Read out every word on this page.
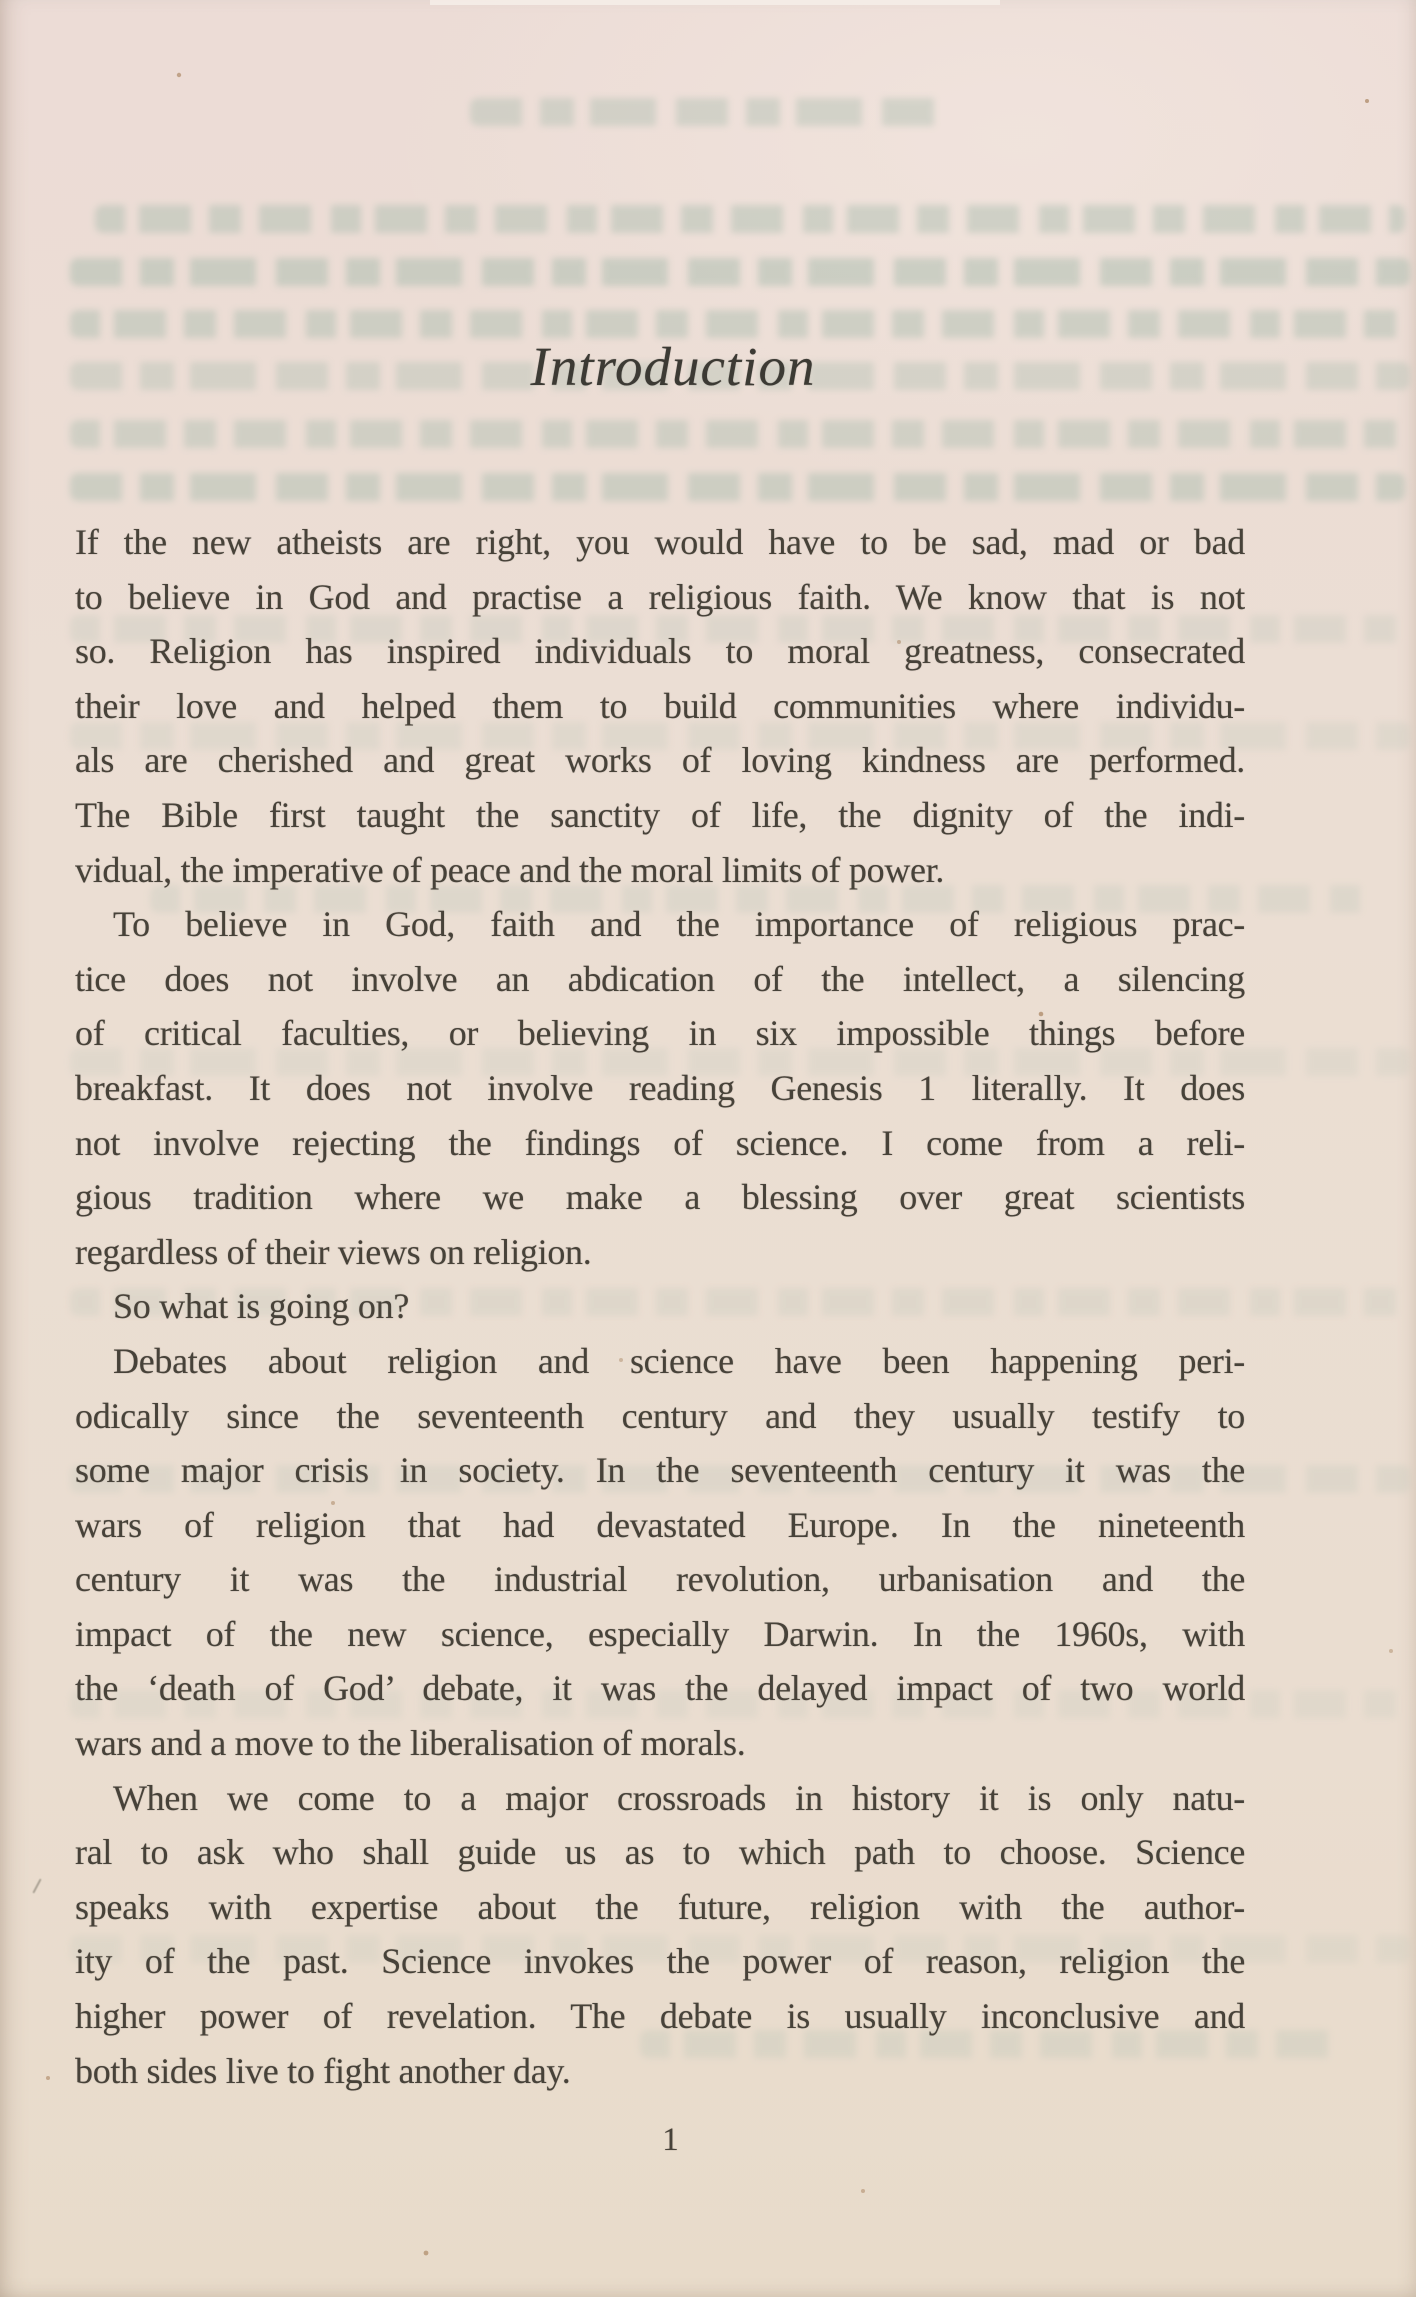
Introduction
If the new atheists are right, you would have to be sad, mad or bad
to believe in God and practise a religious faith. We know that is not
so. Religion has inspired individuals to moral greatness, consecrated
their love and helped them to build communities where individu-
als are cherished and great works of loving kindness are performed.
The Bible first taught the sanctity of life, the dignity of the indi-
vidual, the imperative of peace and the moral limits of power.
To believe in God, faith and the importance of religious prac-
tice does not involve an abdication of the intellect, a silencing
of critical faculties, or believing in six impossible things before
breakfast. It does not involve reading Genesis 1 literally. It does
not involve rejecting the findings of science. I come from a reli-
gious tradition where we make a blessing over great scientists
regardless of their views on religion.
So what is going on?
Debates about religion and science have been happening peri-
odically since the seventeenth century and they usually testify to
some major crisis in society. In the seventeenth century it was the
wars of religion that had devastated Europe. In the nineteenth
century it was the industrial revolution, urbanisation and the
impact of the new science, especially Darwin. In the 1960s, with
the ‘death of God’ debate, it was the delayed impact of two world
wars and a move to the liberalisation of morals.
When we come to a major crossroads in history it is only natu-
ral to ask who shall guide us as to which path to choose. Science
speaks with expertise about the future, religion with the author-
ity of the past. Science invokes the power of reason, religion the
higher power of revelation. The debate is usually inconclusive and
both sides live to fight another day.
1
